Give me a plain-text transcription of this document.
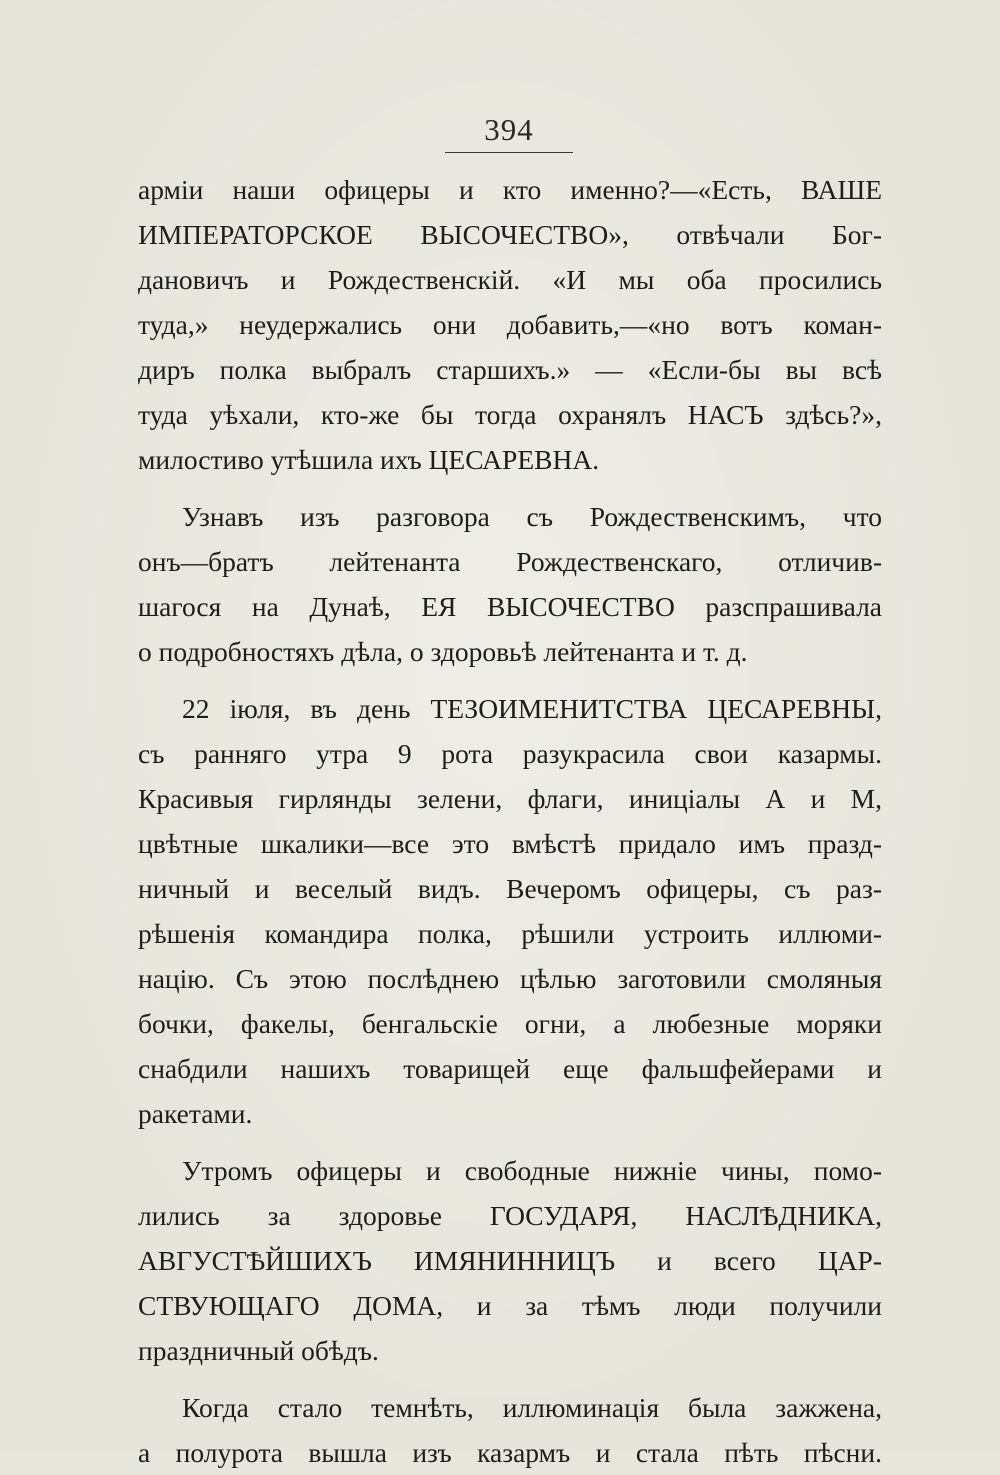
394
арміи наши офицеры и кто именно?—«Есть, ВАШЕ
ИМПЕРАТОРСКОЕ ВЫСОЧЕСТВО», отвѣчали Бог-
дановичъ и Рождественскій. «И мы оба просились
туда,» неудержались они добавить,—«но вотъ коман-
диръ полка выбралъ старшихъ.» — «Если-бы вы всѣ
туда уѣхали, кто-же бы тогда охранялъ НАСЪ здѣсь?»,
милостиво утѣшила ихъ ЦЕСАРЕВНА.
Узнавъ изъ разговора съ Рождественскимъ, что
онъ—братъ лейтенанта Рождественскаго, отличив-
шагося на Дунаѣ, ЕЯ ВЫСОЧЕСТВО разспрашивала
о подробностяхъ дѣла, о здоровьѣ лейтенанта и т. д.
22 іюля, въ день ТЕЗОИМЕНИТСТВА ЦЕСАРЕВНЫ,
съ ранняго утра 9 рота разукрасила свои казармы.
Красивыя гирлянды зелени, флаги, иниціалы А и М,
цвѣтные шкалики—все это вмѣстѣ придало имъ празд-
ничный и веселый видъ. Вечеромъ офицеры, съ раз-
рѣшенія командира полка, рѣшили устроить иллюми-
націю. Съ этою послѣднею цѣлью заготовили смоляныя
бочки, факелы, бенгальскіе огни, а любезные моряки
снабдили нашихъ товарищей еще фальшфейерами и
ракетами.
Утромъ офицеры и свободные нижніе чины, помо-
лились за здоровье ГОСУДАРЯ, НАСЛѢДНИКА,
АВГУСТѢЙШИХЪ ИМЯНИННИЦЪ и всего ЦАР-
СТВУЮЩАГО ДОМА, и за тѣмъ люди получили
праздничный обѣдъ.
Когда стало темнѣть, иллюминація была зажжена,
а полурота вышла изъ казармъ и стала пѣть пѣсни.
